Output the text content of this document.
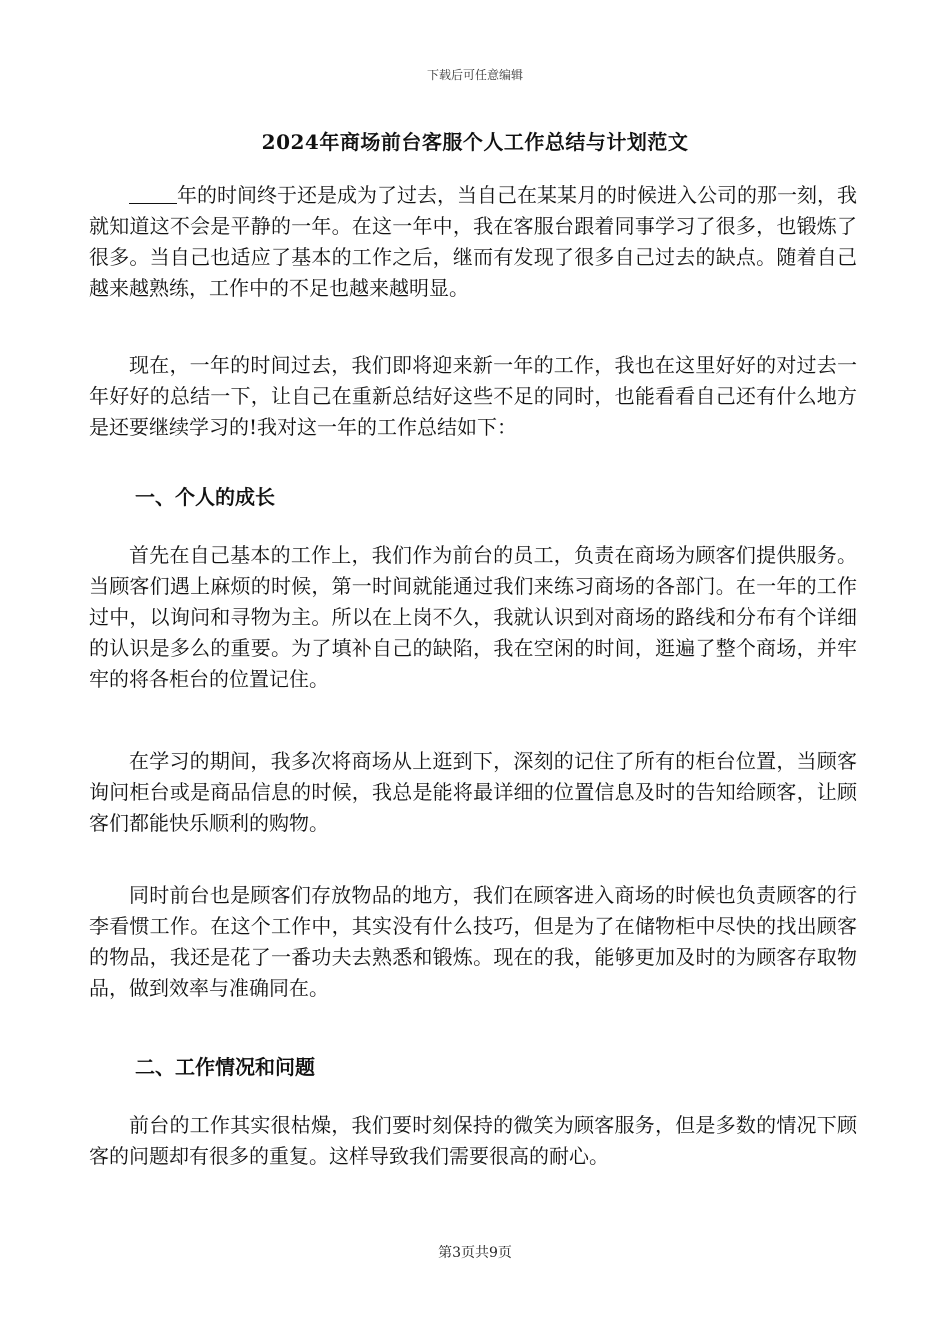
下载后可任意编辑
2024年商场前台客服个人工作总结与计划范文

年的时间终于还是成为了过去，当自己在某某月的时候进入公司的那一刻，我就知道这不会是平静的一年。在这一年中，我在客服台跟着同事学习了很多，也锻炼了很多。当自己也适应了基本的工作之后，继而有发现了很多自己过去的缺点。随着自己越来越熟练，工作中的不足也越来越明显。

现在，一年的时间过去，我们即将迎来新一年的工作，我也在这里好好的对过去一年好好的总结一下，让自己在重新总结好这些不足的同时，也能看看自己还有什么地方是还要继续学习的!我对这一年的工作总结如下：

一、个人的成长

首先在自己基本的工作上，我们作为前台的员工，负责在商场为顾客们提供服务。当顾客们遇上麻烦的时候，第一时间就能通过我们来练习商场的各部门。在一年的工作过中，以询问和寻物为主。所以在上岗不久，我就认识到对商场的路线和分布有个详细的认识是多么的重要。为了填补自己的缺陷，我在空闲的时间，逛遍了整个商场，并牢牢的将各柜台的位置记住。

在学习的期间，我多次将商场从上逛到下，深刻的记住了所有的柜台位置，当顾客询问柜台或是商品信息的时候，我总是能将最详细的位置信息及时的告知给顾客，让顾客们都能快乐顺利的购物。

同时前台也是顾客们存放物品的地方，我们在顾客进入商场的时候也负责顾客的行李看惯工作。在这个工作中，其实没有什么技巧，但是为了在储物柜中尽快的找出顾客的物品，我还是花了一番功夫去熟悉和锻炼。现在的我，能够更加及时的为顾客存取物品，做到效率与准确同在。

二、工作情况和问题

前台的工作其实很枯燥，我们要时刻保持的微笑为顾客服务，但是多数的情况下顾客的问题却有很多的重复。这样导致我们需要很高的耐心。

第3页共9页
